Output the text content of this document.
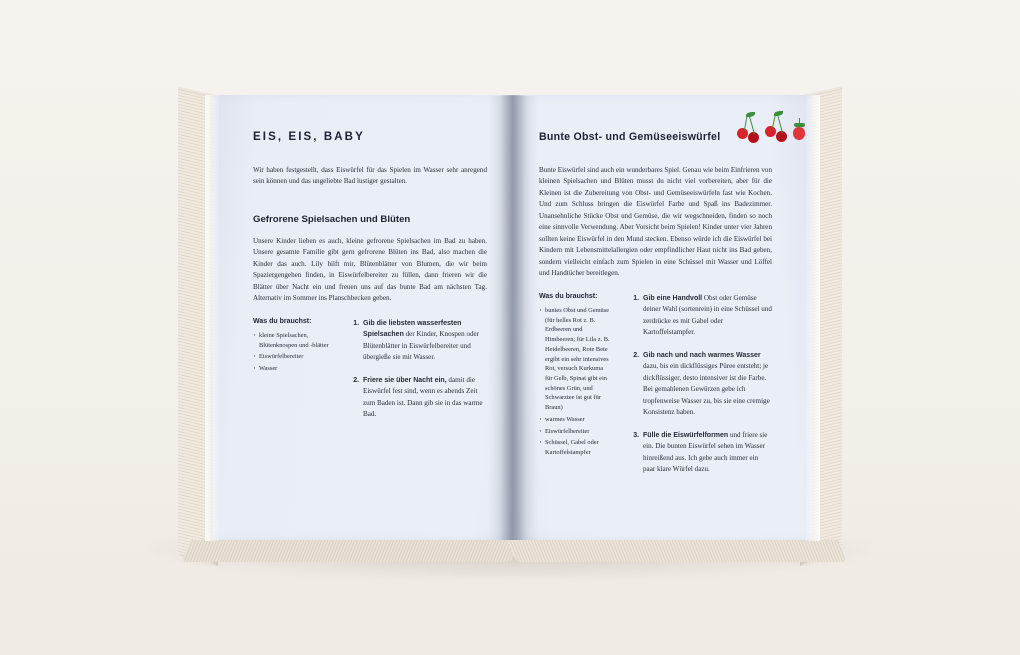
EIS, EIS, BABY

Wir haben festgestellt, dass Eiswürfel für das Spielen im Wasser sehr anregend sein können und das ungeliebte Bad lustiger gestalten.

Gefrorene Spielsachen und Blüten

Unsere Kinder lieben es auch, kleine gefrorene Spielsachen im Bad zu haben. Unsere gesamte Familie gibt gern gefrorene Blüten ins Bad, also machen die Kinder das auch. Lily hilft mir, Blütenblätter von Blumen, die wir beim Spaziergengehen finden, in Eiswürfelbereiter zu füllen, dann frieren wir die Blätter über Nacht ein und freuen uns auf das bunte Bad am nächsten Tag. Alternativ im Sommer ins Planschbecken geben.

Was du brauchst:
· kleine Spielsachen, Blütenknospen und -blätter
· Eiswürfelbereiter
· Wasser
1. Gib die liebsten wasserfesten Spielsachen der Kinder, Knospen oder Blütenblätter in Eiswürfelbereiter und übergieße sie mit Wasser.
2. Friere sie über Nacht ein, damit die Eiswürfel fest sind, wenn es abends Zeit zum Baden ist. Dann gib sie in das warme Bad.
Bunte Obst- und Gemüseeiswürfel

Bunte Eiswürfel sind auch ein wunderbares Spiel. Genau wie beim Einfrieren von kleinen Spielsachen und Blüten musst du nicht viel vorbereiten, aber für die Kleinen ist die Zubereitung von Obst- und Gemüseeiswürfeln fast wie Kochen. Und zum Schluss bringen die Eiswürfel Farbe und Spaß ins Badezimmer. Unansehnliche Stücke Obst und Gemüse, die wir wegschneiden, finden so noch eine sinnvolle Verwendung. Aber Vorsicht beim Spielen! Kinder unter vier Jahren sollten keine Eiswürfel in den Mund stecken. Ebenso würde ich die Eiswürfel bei Kindern mit Lebensmittelallergien oder empfindlicher Haut nicht ins Bad geben, sondern vielleicht einfach zum Spielen in eine Schüssel mit Wasser und Löffel und Handtücher bereitlegen.

Was du brauchst:
· buntes Obst und Gemüse (für helles Rot z. B. Erdbeeren und Himbeeren; für Lila z. B. Heidelbeeren, Rote Bete ergibt ein sehr intensives Rot, versuch Kurkuma für Gelb, Spinat gibt ein schönes Grün, und Schwarztee ist gut für Braun)
· warmes Wasser
· Eiswürfelbereiter
· Schüssel, Gabel oder Kartoffelstampfer
1. Gib eine Handvoll Obst oder Gemüse deiner Wahl (sortenrein) in eine Schüssel und zerdrücke es mit Gabel oder Kartoffelstampfer.
2. Gib nach und nach warmes Wasser dazu, bis ein dickflüssiges Püree entsteht; je dickflüssiger, desto intensiver ist die Farbe. Bei gemahlenen Gewürzen gebe ich tropfenweise Wasser zu, bis sie eine cremige Konsistenz haben.
3. Fülle die Eiswürfelformen und friere sie ein. Die bunten Eiswürfel sehen im Wasser hinreißend aus. Ich gebe auch immer ein paar klare Würfel dazu.
